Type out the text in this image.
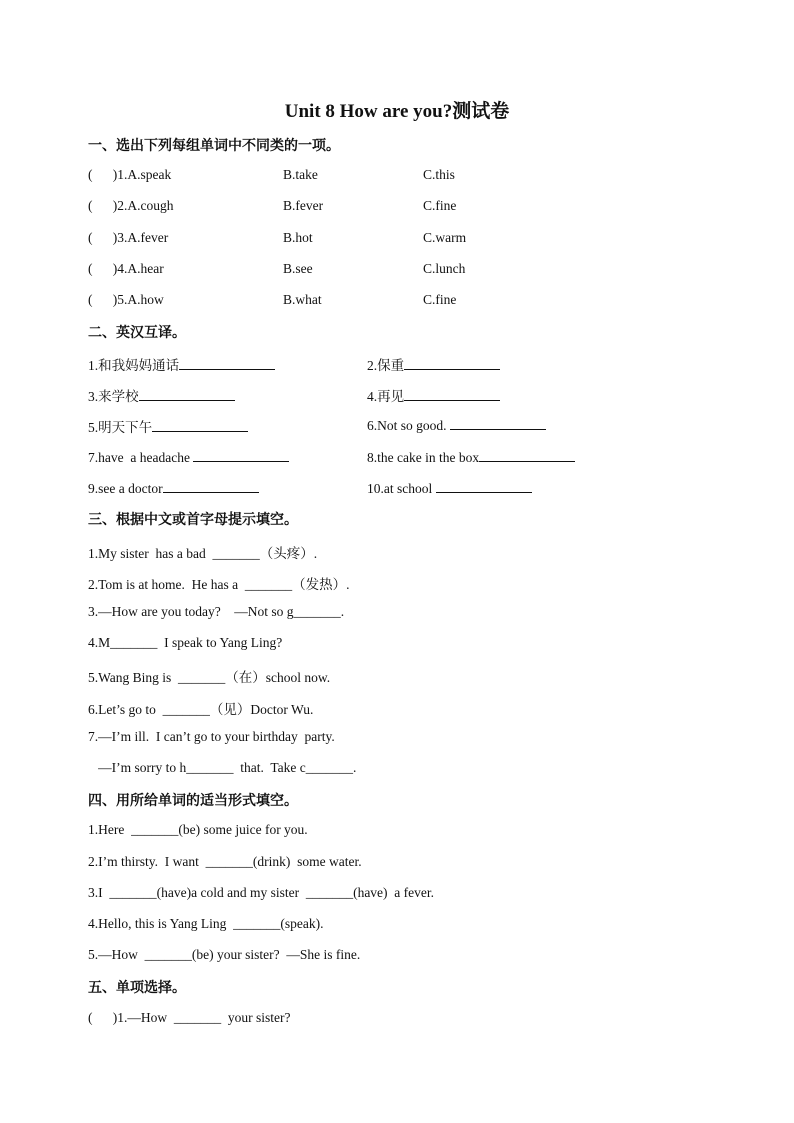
Unit 8 How are you?测试卷
一、选出下列每组单词中不同类的一项。
(      )1.A.speak	B.take	C.this
(      )2.A.cough	B.fever	C.fine
(      )3.A.fever	B.hot	C.warm
(      )4.A.hear	B.see	C.lunch
(      )5.A.how	B.what	C.fine
二、英汉互译。
1.和我妈妈通话	2.保重
3.来学校	4.再见
5.明天下午	6.Not so good.
7.have  a headache	8.the cake in the box
9.see a doctor	10.at school
三、根据中文或首字母提示填空。
1.My sister  has a bad  _______（头疼）.
2.Tom is at home.  He has a  _______（发热）.
3.—How are you today?    —Not so g_______.
4.M_______  I speak to Yang Ling?
5.Wang Bing is  _______（在）school now.
6.Let’s go to  _______（见）Doctor Wu.
7.—I’m ill.  I can’t go to your birthday  party.
—I’m sorry to h_______  that.  Take c_______.
四、用所给单词的适当形式填空。
1.Here  _______(be) some juice for you.
2.I’m thirsty.  I want  _______(drink)  some water.
3.I  _______(have)a cold and my sister  _______(have)  a fever.
4.Hello, this is Yang Ling  _______(speak).
5.—How  _______(be) your sister?  —She is fine.
五、单项选择。
(      )1.—How  _______  your sister?
